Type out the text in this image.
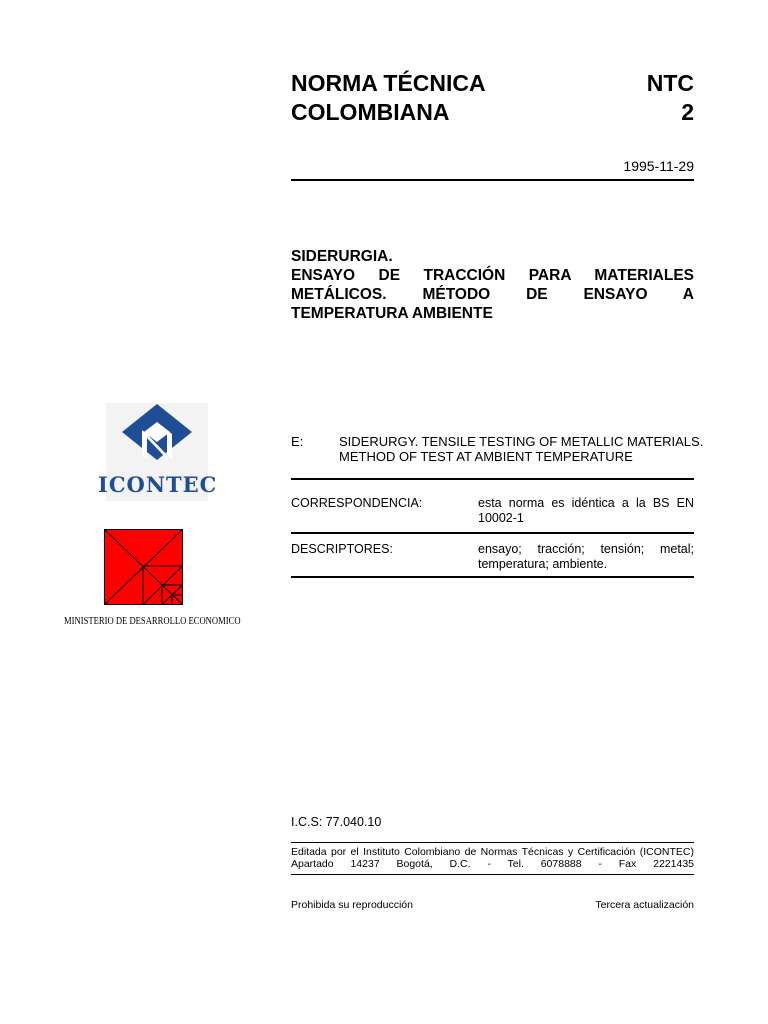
NORMA TÉCNICA
COLOMBIANA
NTC
2
1995-11-29
SIDERURGIA.
ENSAYO DE TRACCIÓN PARA MATERIALES
METÁLICOS. MÉTODO DE ENSAYO A
TEMPERATURA AMBIENTE
ICONTEC
MINISTERIO DE DESARROLLO ECONOMICO
E:	SIDERURGY. TENSILE TESTING OF METALLIC MATERIALS.
METHOD OF TEST AT AMBIENT TEMPERATURE
CORRESPONDENCIA:	esta norma es idéntica a la BS EN
10002-1
DESCRIPTORES:	ensayo; tracción; tensión; metal;
temperatura; ambiente.
I.C.S: 77.040.10
Editada por el Instituto Colombiano de Normas Técnicas y Certificación (ICONTEC)
Apartado 14237 Bogotá, D.C. - Tel. 6078888 - Fax 2221435
Prohibida su reproducción	Tercera actualización
